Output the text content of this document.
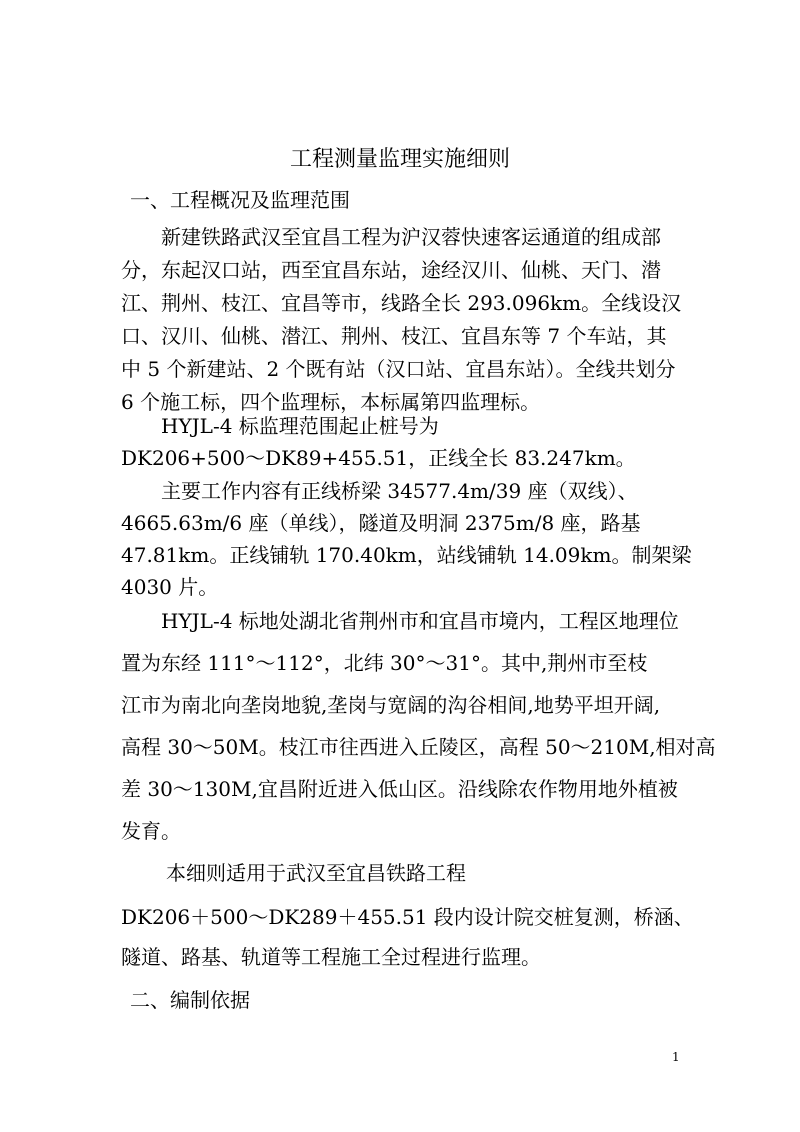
工程测量监理实施细则
一、工程概况及监理范围
新建铁路武汉至宜昌工程为沪汉蓉快速客运通道的组成部
分，东起汉口站，西至宜昌东站，途经汉川、仙桃、天门、潜
江、荆州、枝江、宜昌等市，线路全长 293.096km。全线设汉
口、汉川、仙桃、潜江、荆州、枝江、宜昌东等 7 个车站，其
中 5 个新建站、2 个既有站（汉口站、宜昌东站）。全线共划分
6 个施工标，四个监理标，本标属第四监理标。
HYJL-4 标监理范围起止桩号为
DK206+500～DK89+455.51，正线全长 83.247km。
主要工作内容有正线桥梁 34577.4m/39 座（双线）、
4665.63m/6 座（单线），隧道及明洞 2375m/8 座，路基
47.81km。正线铺轨 170.40km，站线铺轨 14.09km。制架梁
4030 片。
HYJL-4 标地处湖北省荆州市和宜昌市境内，工程区地理位
置为东经 111°～112°，北纬 30°～31°。其中,荆州市至枝
江市为南北向垄岗地貌,垄岗与宽阔的沟谷相间,地势平坦开阔,
高程 30～50M。枝江市往西进入丘陵区，高程 50～210M,相对高
差 30～130M,宜昌附近进入低山区。沿线除农作物用地外植被
发育。
本细则适用于武汉至宜昌铁路工程
DK206＋500～DK289＋455.51 段内设计院交桩复测，桥涵、
隧道、路基、轨道等工程施工全过程进行监理。
二、编制依据
1
